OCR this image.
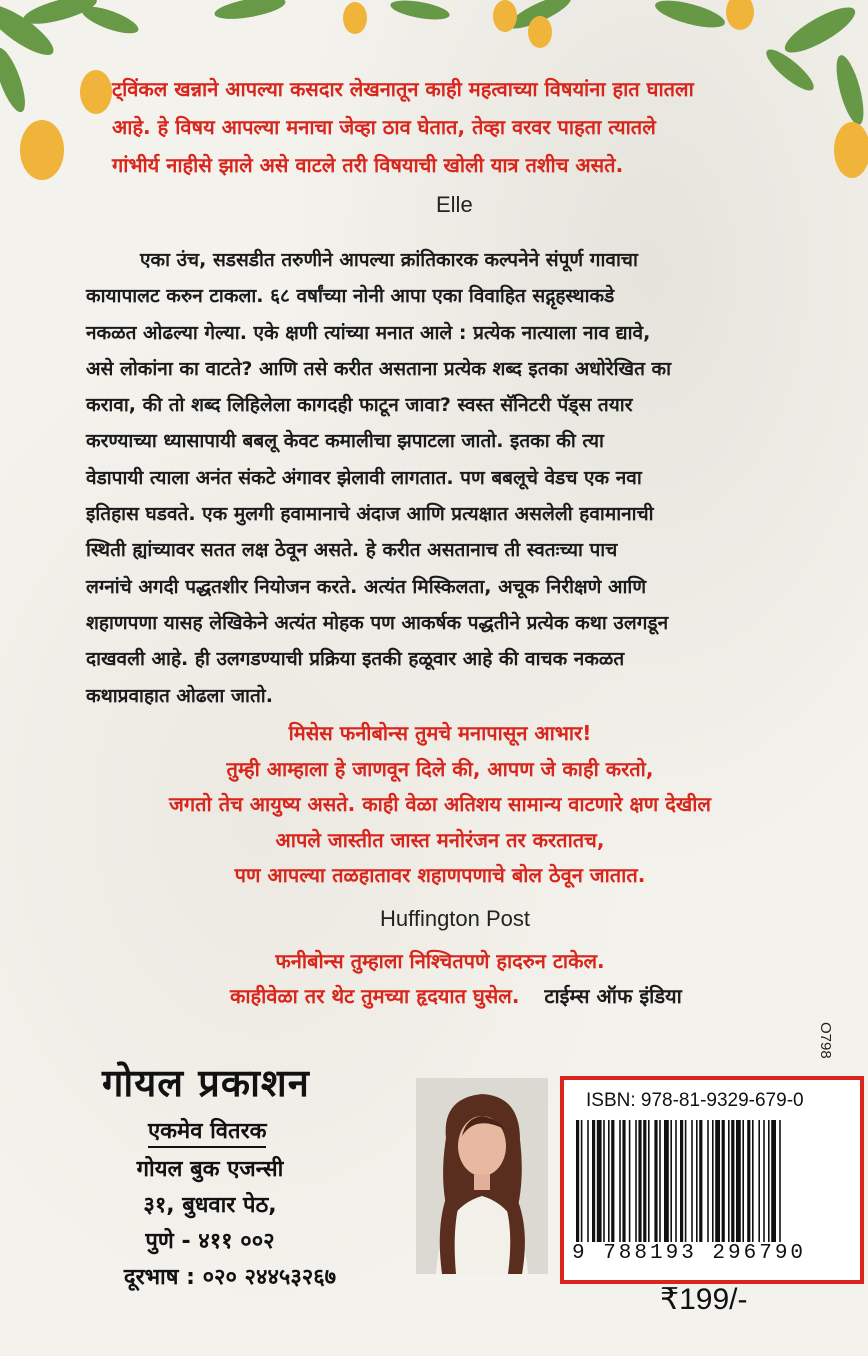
ट्विंकल खन्नाने आपल्या कसदार लेखनातून काही महत्वाच्या विषयांना हात घातला

आहे. हे विषय आपल्या मनाचा जेव्हा ठाव घेतात, तेव्हा वरवर पाहता त्यातले

गांभीर्य नाहीसे झाले असे वाटले तरी विषयाची खोली यात्र तशीच असते.

Elle
एका उंच, सडसडीत तरुणीने आपल्या क्रांतिकारक कल्पनेने संपूर्ण गावाचा
कायापालट करुन टाकला. ६८ वर्षांच्या नोनी आपा एका विवाहित सद्गृहस्थाकडे
नकळत ओढल्या गेल्या. एके क्षणी त्यांच्या मनात आले : प्रत्येक नात्याला नाव द्यावे,
असे लोकांना का वाटते? आणि तसे करीत असताना प्रत्येक शब्द इतका अधोरेखित का
करावा, की तो शब्द लिहिलेला कागदही फाटून जावा? स्वस्त सॅनिटरी पॅड्स तयार
करण्याच्या ध्यासापायी बबलू केवट कमालीचा झपाटला जातो. इतका की त्या
वेडापायी त्याला अनंत संकटे अंगावर झेलावी लागतात. पण बबलूचे वेडच एक नवा
इतिहास घडवते. एक मुलगी हवामानाचे अंदाज आणि प्रत्यक्षात असलेली हवामानाची
स्थिती ह्यांच्यावर सतत लक्ष ठेवून असते. हे करीत असतानाच ती स्वतःच्या पाच
लग्नांचे अगदी पद्धतशीर नियोजन करते. अत्यंत मिस्किलता, अचूक निरीक्षणे आणि
शहाणपणा यासह लेखिकेने अत्यंत मोहक पण आकर्षक पद्धतीने प्रत्येक कथा उलगडून
दाखवली आहे. ही उलगडण्याची प्रक्रिया इतकी हळूवार आहे की वाचक नकळत
कथाप्रवाहात ओढला जातो.
मिसेस फनीबोन्स तुमचे मनापासून आभार!
तुम्ही आम्हाला हे जाणवून दिले की, आपण जे काही करतो,
जगतो तेच आयुष्य असते. काही वेळा अतिशय सामान्य वाटणारे क्षण देखील
आपले जास्तीत जास्त मनोरंजन तर करतातच,
पण आपल्या तळहातावर शहाणपणाचे बोल ठेवून जातात.
Huffington Post
फनीबोन्स तुम्हाला निश्चितपणे हादरुन टाकेल.
काहीवेळा तर थेट तुमच्या हृदयात घुसेल. टाईम्स ऑफ इंडिया
O798
गोयल प्रकाशन
एकमेव वितरक
गोयल बुक एजन्सी
३१, बुधवार पेठ,
पुणे - ४११ ००२
दूरभाष : ०२० २४४५३२६७
ISBN: 978-81-9329-679-0
9 788193 296790
₹199/-
